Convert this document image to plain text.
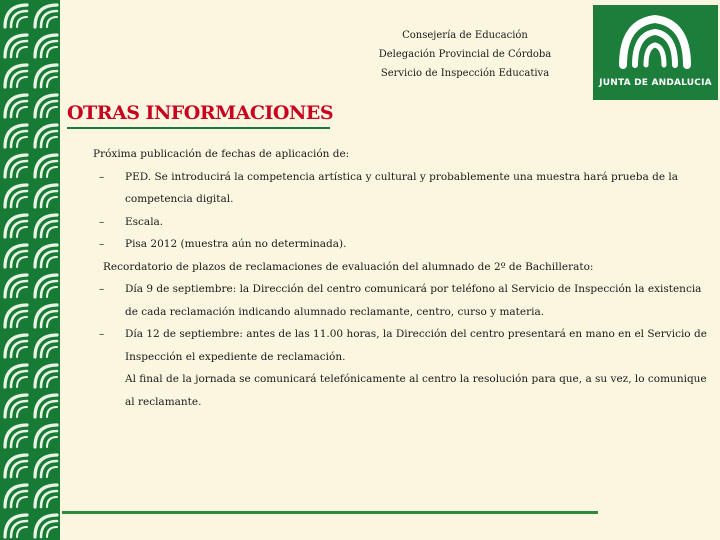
Consejería de Educación
Delegación Provincial de Córdoba
Servicio de Inspección Educativa
JUNTA DE ANDALUCIA
OTRAS INFORMACIONES

Próxima publicación de fechas de aplicación de:

– PED. Se introducirá la competencia artística y cultural y probablemente una muestra hará prueba de la competencia digital.
– Escala.
– Pisa 2012 (muestra aún no determinada).

Recordatorio de plazos de reclamaciones de evaluación del alumnado de 2º de Bachillerato:

– Día 9 de septiembre: la Dirección del centro comunicará por teléfono al Servicio de Inspección la existencia de cada reclamación indicando alumnado reclamante, centro, curso y materia.
– Día 12 de septiembre: antes de las 11.00 horas, la Dirección del centro presentará en mano en el Servicio de Inspección el expediente de reclamación.
Al final de la jornada se comunicará telefónicamente al centro la resolución para que, a su vez, lo comunique al reclamante.
